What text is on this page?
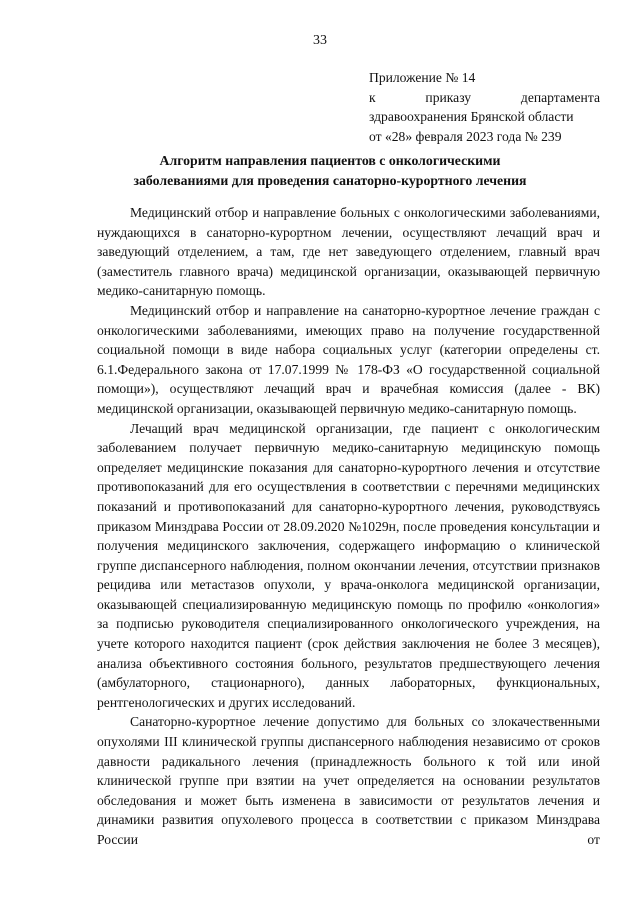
33
Приложение № 14
к	приказу	департамента
здравоохранения Брянской области
от «28» февраля 2023 года № 239
Алгоритм направления пациентов с онкологическими
заболеваниями для проведения санаторно-курортного лечения

Медицинский отбор и направление больных с онкологическими заболеваниями, нуждающихся в санаторно-курортном лечении, осуществляют лечащий врач и заведующий отделением, а там, где нет заведующего отделением, главный врач (заместитель главного врача) медицинской организации, оказывающей первичную медико-санитарную помощь.

Медицинский отбор и направление на санаторно-курортное лечение граждан с онкологическими заболеваниями, имеющих право на получение государственной социальной помощи в виде набора социальных услуг (категории определены ст. 6.1.Федерального закона от 17.07.1999 № 178-ФЗ «О государственной социальной помощи»), осуществляют лечащий врач и врачебная комиссия (далее - ВК) медицинской организации, оказывающей первичную медико-санитарную помощь.

Лечащий врач медицинской организации, где пациент с онкологическим заболеванием получает первичную медико-санитарную медицинскую помощь определяет медицинские показания для санаторно-курортного лечения и отсутствие противопоказаний для его осуществления в соответствии с перечнями медицинских показаний и противопоказаний для санаторно-курортного лечения, руководствуясь приказом Минздрава России от 28.09.2020 №1029н, после проведения консультации и получения медицинского заключения, содержащего информацию о клинической группе диспансерного наблюдения, полном окончании лечения, отсутствии признаков рецидива или метастазов опухоли, у врача-онколога медицинской организации, оказывающей специализированную медицинскую помощь по профилю «онкология» за подписью руководителя специализированного онкологического учреждения, на учете которого находится пациент (срок действия заключения не более 3 месяцев), анализа объективного состояния больного, результатов предшествующего лечения (амбулаторного, стационарного), данных лабораторных, функциональных, рентгенологических и других исследований.

Санаторно-курортное лечение допустимо для больных со злокачественными опухолями III клинической группы диспансерного наблюдения независимо от сроков давности радикального лечения (принадлежность больного к той или иной клинической группе при взятии на учет определяется на основании результатов обследования и может быть изменена в зависимости от результатов лечения и динамики развития опухолевого процесса в соответствии с приказом Минздрава России от
